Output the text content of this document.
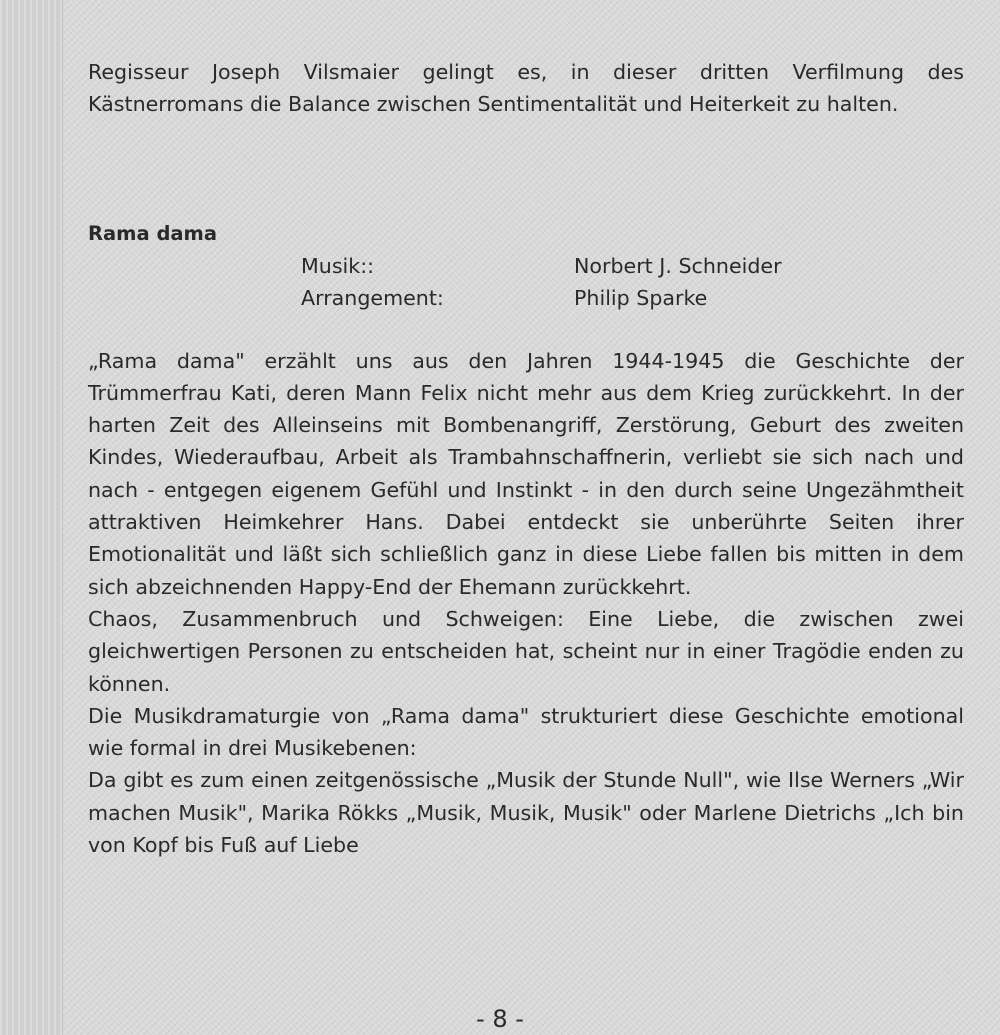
Regisseur Joseph Vilsmaier gelingt es, in dieser dritten Verfilmung des Kästnerromans die Balance zwischen Sentimentalität und Heiterkeit zu halten.

Rama dama
Musik::	Norbert J. Schneider
Arrangement:	Philip Sparke

„Rama dama" erzählt uns aus den Jahren 1944-1945 die Geschichte der Trümmerfrau Kati, deren Mann Felix nicht mehr aus dem Krieg zurückkehrt. In der harten Zeit des Alleinseins mit Bombenangriff, Zerstörung, Geburt des zweiten Kindes, Wiederaufbau, Arbeit als Trambahnschaffnerin, verliebt sie sich nach und nach - entgegen eigenem Gefühl und Instinkt - in den durch seine Ungezähmtheit attraktiven Heimkehrer Hans. Dabei entdeckt sie unberührte Seiten ihrer Emotionalität und läßt sich schließlich ganz in diese Liebe fallen bis mitten in dem sich abzeichnenden Happy-End der Ehemann zurückkehrt.

Chaos, Zusammenbruch und Schweigen: Eine Liebe, die zwischen zwei gleichwertigen Personen zu entscheiden hat, scheint nur in einer Tragödie enden zu können.

Die Musikdramaturgie von „Rama dama" strukturiert diese Geschichte emotional wie formal in drei Musikebenen:

Da gibt es zum einen zeitgenössische „Musik der Stunde Null", wie Ilse Werners „Wir machen Musik", Marika Rökks „Musik, Musik, Musik" oder Marlene Dietrichs „Ich bin von Kopf bis Fuß auf Liebe

- 8 -
